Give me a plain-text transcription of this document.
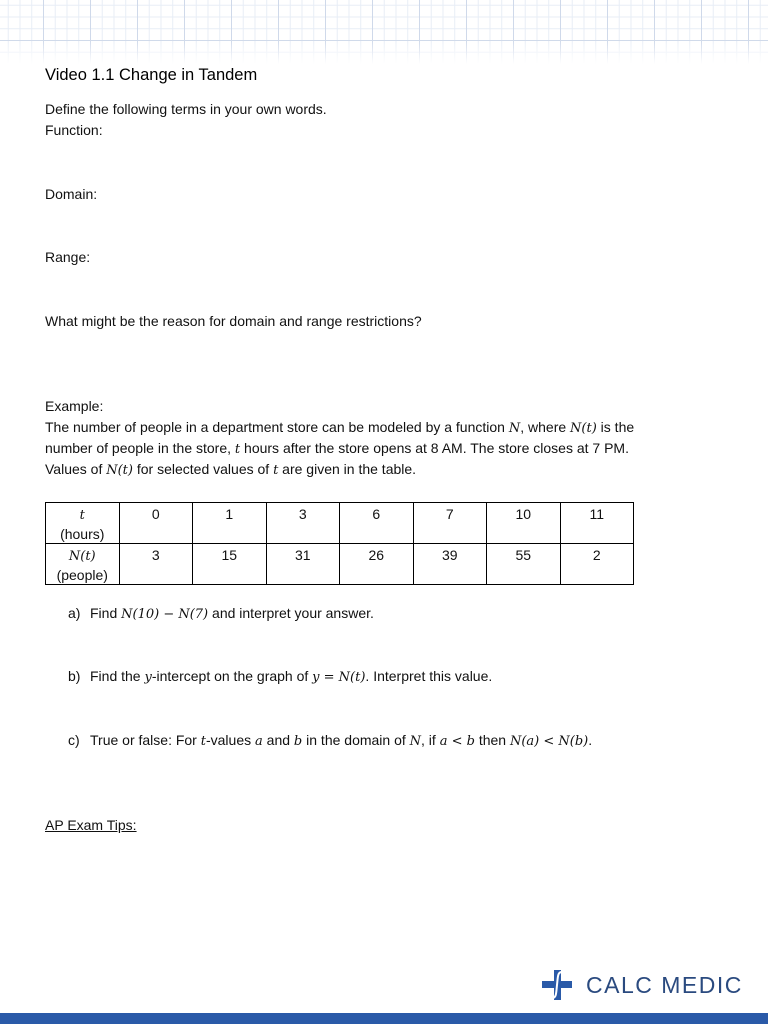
Video 1.1 Change in Tandem
Define the following terms in your own words.
Function:
Domain:
Range:
What might be the reason for domain and range restrictions?
Example:
The number of people in a department store can be modeled by a function N, where N(t) is the
number of people in the store, t hours after the store opens at 8 AM. The store closes at 7 PM.
Values of N(t) for selected values of t are given in the table.
t
(hours)	0	1	3	6	7	10	11
N(t)
(people)	3	15	31	26	39	55	2
a) Find N(10) − N(7) and interpret your answer.
b) Find the y-intercept on the graph of y = N(t). Interpret this value.
c) True or false: For t-values a and b in the domain of N, if a < b then N(a) < N(b).
AP Exam Tips:
CALC MEDIC
